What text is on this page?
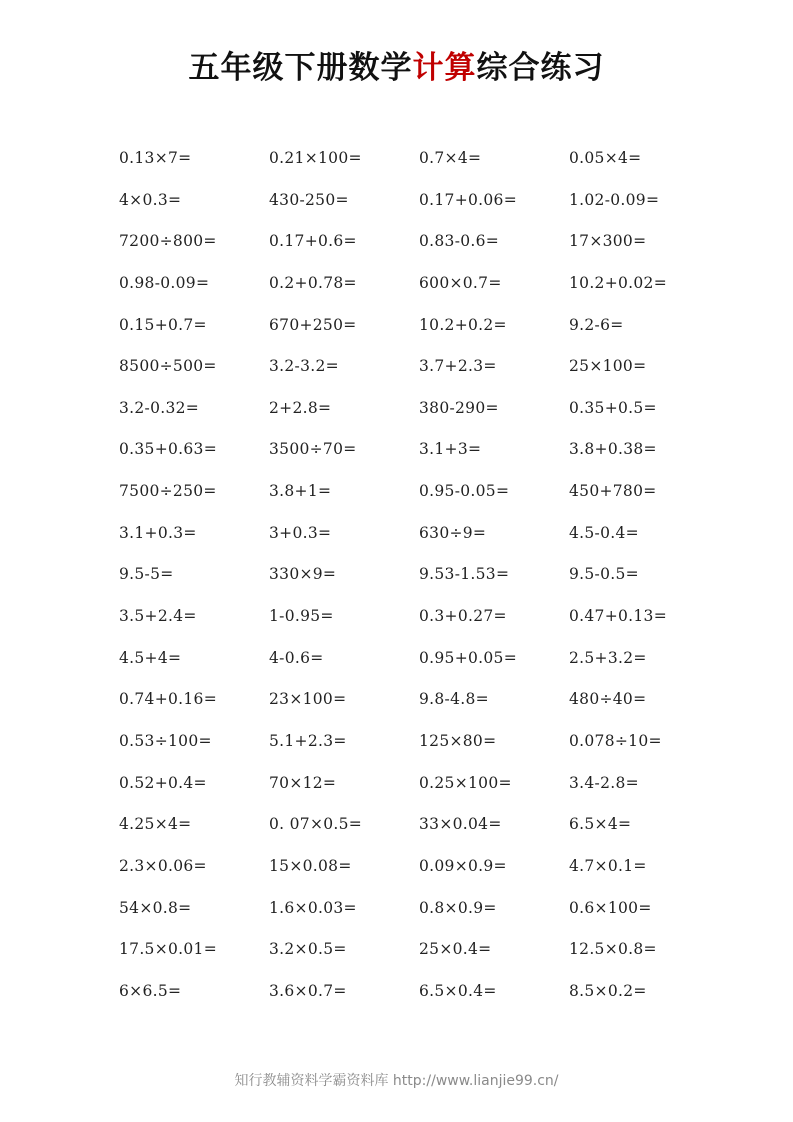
五年级下册数学计算综合练习
0.13×7=	0.21×100=	0.7×4=	0.05×4=
4×0.3=	430-250=	0.17+0.06=	1.02-0.09=
7200÷800=	0.17+0.6=	0.83-0.6=	17×300=
0.98-0.09=	0.2+0.78=	600×0.7=	10.2+0.02=
0.15+0.7=	670+250=	10.2+0.2=	9.2-6=
8500÷500=	3.2-3.2=	3.7+2.3=	25×100=
3.2-0.32=	2+2.8=	380-290=	0.35+0.5=
0.35+0.63=	3500÷70=	3.1+3=	3.8+0.38=
7500÷250=	3.8+1=	0.95-0.05=	450+780=
3.1+0.3=	3+0.3=	630÷9=	4.5-0.4=
9.5-5=	330×9=	9.53-1.53=	9.5-0.5=
3.5+2.4=	1-0.95=	0.3+0.27=	0.47+0.13=
4.5+4=	4-0.6=	0.95+0.05=	2.5+3.2=
0.74+0.16=	23×100=	9.8-4.8=	480÷40=
0.53÷100=	5.1+2.3=	125×80=	0.078÷10=
0.52+0.4=	70×12=	0.25×100=	3.4-2.8=
4.25×4=	0. 07×0.5=	33×0.04=	6.5×4=
2.3×0.06=	15×0.08=	0.09×0.9=	4.7×0.1=
54×0.8=	1.6×0.03=	0.8×0.9=	0.6×100=
17.5×0.01=	3.2×0.5=	25×0.4=	12.5×0.8=
6×6.5=	3.6×0.7=	6.5×0.4=	8.5×0.2=
知行教辅资料学霸资料库 http://www.lianjie99.cn/
